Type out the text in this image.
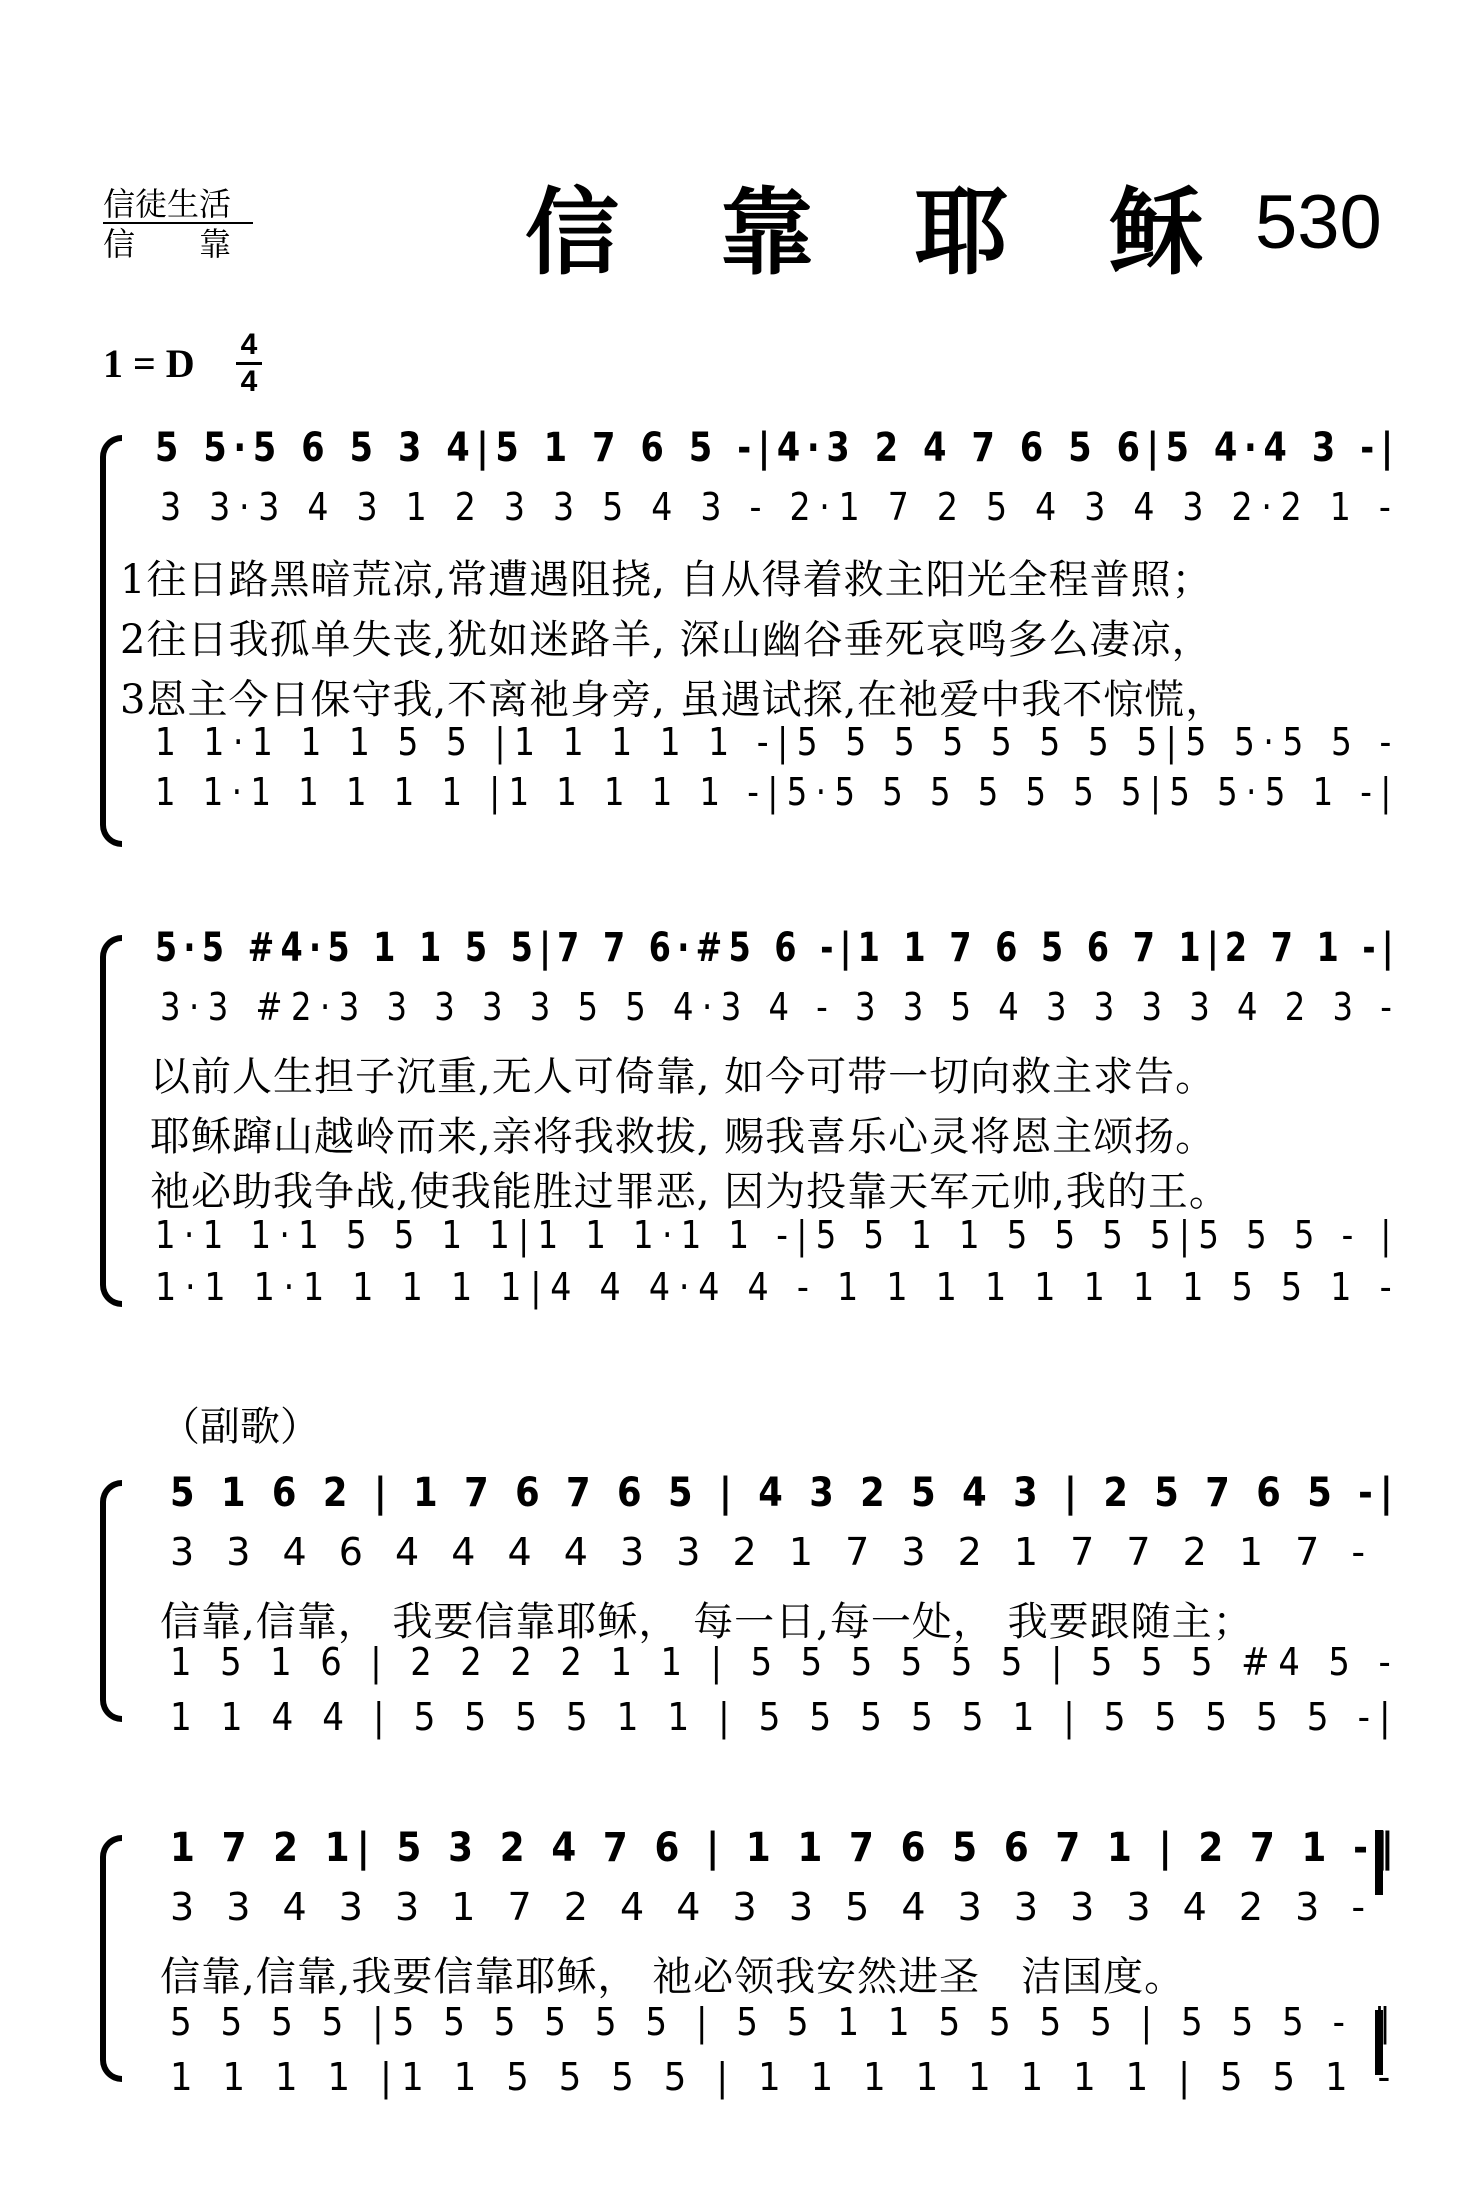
信徒生活
信　　靠	信 靠 耶 稣 530
1 = D 4
4
5 5·5 6 5 3 4|5 1 7 6 5 -|4·3 2 4 7 6 5 6|5 4·4 3 -|
3 3·3 4 3 1 2 3 3 5 4 3 - 2·1 7 2 5 4 3 4 3 2·2 1 -
1往日路黑暗荒凉,常遭遇阻挠, 自从得着救主阳光全程普照；
2往日我孤单失丧,犹如迷路羊, 深山幽谷垂死哀鸣多么凄凉，
3恩主今日保守我,不离祂身旁, 虽遇试探,在祂爱中我不惊慌，
1 1·1 1 1 5 5 |1 1 1 1 1 -|5 5 5 5 5 5 5 5|5 5·5 5 -
1 1·1 1 1 1 1 |1 1 1 1 1 -|5·5 5 5 5 5 5 5|5 5·5 1 -|
5·5 #4·5 1 1 5 5|7 7 6·#5 6 -|1 1 7 6 5 6 7 1|2 7 1 -|
3·3 #2·3 3 3 3 3 5 5 4·3 4 - 3 3 5 4 3 3 3 3 4 2 3 -
以前人生担子沉重,无人可倚靠, 如今可带一切向救主求告。
耶稣蹿山越岭而来,亲将我救拔, 赐我喜乐心灵将恩主颂扬。
祂必助我争战,使我能胜过罪恶, 因为投靠天军元帅,我的王。
1·1 1·1 5 5 1 1|1 1 1·1 1 -|5 5 1 1 5 5 5 5|5 5 5 - |
1·1 1·1 1 1 1 1|4 4 4·4 4 - 1 1 1 1 1 1 1 1 5 5 1 -
（副歌）
5 1 6 2 | 1 7 6 7 6 5 | 4 3 2 5 4 3 | 2 5 7 6 5 -|
3 3 4 6 4 4 4 4 3 3 2 1 7 3 2 1 7 7 2 1 7 -
信靠,信靠， 我要信靠耶稣， 每一日,每一处， 我要跟随主；
1 5 1 6 | 2 2 2 2 1 1 | 5 5 5 5 5 5 | 5 5 5 #4 5 -
1 1 4 4 | 5 5 5 5 1 1 | 5 5 5 5 5 1 | 5 5 5 5 5 -|
1 7 2 1| 5 3 2 4 7 6 | 1 1 7 6 5 6 7 1 | 2 7 1 -‖
3 3 4 3 3 1 7 2 4 4 3 3 5 4 3 3 3 3 4 2 3 -
信靠,信靠,我要信靠耶稣， 祂必领我安然进圣　洁国度。
5 5 5 5 |5 5 5 5 5 5 | 5 5 1 1 5 5 5 5 | 5 5 5 - ‖
1 1 1 1 |1 1 5 5 5 5 | 1 1 1 1 1 1 1 1 | 5 5 1 -
